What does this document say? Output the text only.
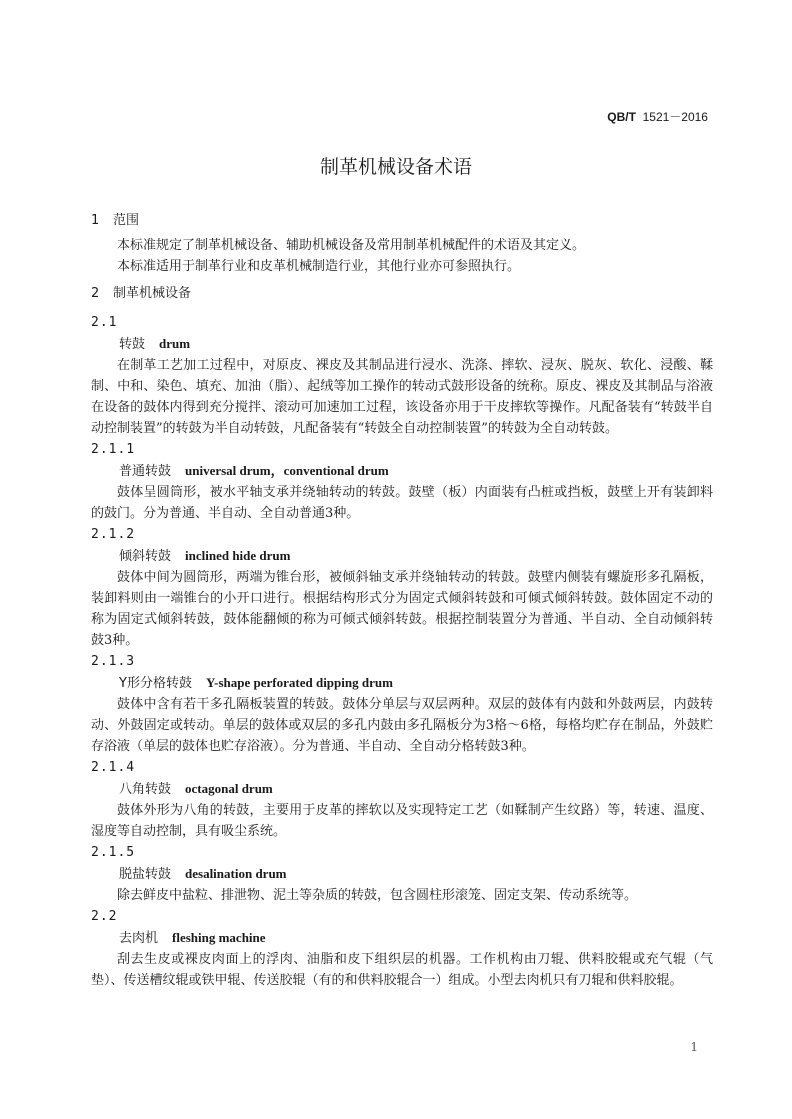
QB/T 1521－2016
制革机械设备术语
1	范围
本标准规定了制革机械设备、辅助机械设备及常用制革机械配件的术语及其定义。
本标准适用于制革行业和皮革机械制造行业，其他行业亦可参照执行。
2	制革机械设备
2.1
转鼓 drum
在制革工艺加工过程中，对原皮、裸皮及其制品进行浸水、洗涤、摔软、浸灰、脱灰、软化、浸酸、鞣制、中和、染色、填充、加油（脂）、起绒等加工操作的转动式鼓形设备的统称。原皮、裸皮及其制品与浴液在设备的鼓体内得到充分搅拌、滚动可加速加工过程，该设备亦用于干皮摔软等操作。凡配备装有“转鼓半自动控制装置”的转鼓为半自动转鼓，凡配备装有“转鼓全自动控制装置”的转鼓为全自动转鼓。
2.1.1
普通转鼓 universal drum，conventional drum
鼓体呈圆筒形，被水平轴支承并绕轴转动的转鼓。鼓壁（板）内面装有凸桩或挡板，鼓壁上开有装卸料的鼓门。分为普通、半自动、全自动普通3种。
2.1.2
倾斜转鼓 inclined hide drum
鼓体中间为圆筒形，两端为锥台形，被倾斜轴支承并绕轴转动的转鼓。鼓壁内侧装有螺旋形多孔隔板，装卸料则由一端锥台的小开口进行。根据结构形式分为固定式倾斜转鼓和可倾式倾斜转鼓。鼓体固定不动的称为固定式倾斜转鼓，鼓体能翻倾的称为可倾式倾斜转鼓。根据控制装置分为普通、半自动、全自动倾斜转鼓3种。
2.1.3
Y形分格转鼓 Y-shape perforated dipping drum
鼓体中含有若干多孔隔板装置的转鼓。鼓体分单层与双层两种。双层的鼓体有内鼓和外鼓两层，内鼓转动、外鼓固定或转动。单层的鼓体或双层的多孔内鼓由多孔隔板分为3格～6格，每格均贮存在制品，外鼓贮存浴液（单层的鼓体也贮存浴液）。分为普通、半自动、全自动分格转鼓3种。
2.1.4
八角转鼓 octagonal drum
鼓体外形为八角的转鼓，主要用于皮革的摔软以及实现特定工艺（如鞣制产生纹路）等，转速、温度、湿度等自动控制，具有吸尘系统。
2.1.5
脱盐转鼓 desalination drum
除去鲜皮中盐粒、排泄物、泥土等杂质的转鼓，包含圆柱形滚笼、固定支架、传动系统等。
2.2
去肉机 fleshing machine
刮去生皮或裸皮肉面上的浮肉、油脂和皮下组织层的机器。工作机构由刀辊、供料胶辊或充气辊（气垫）、传送槽纹辊或铁甲辊、传送胶辊（有的和供料胶辊合一）组成。小型去肉机只有刀辊和供料胶辊。
1
